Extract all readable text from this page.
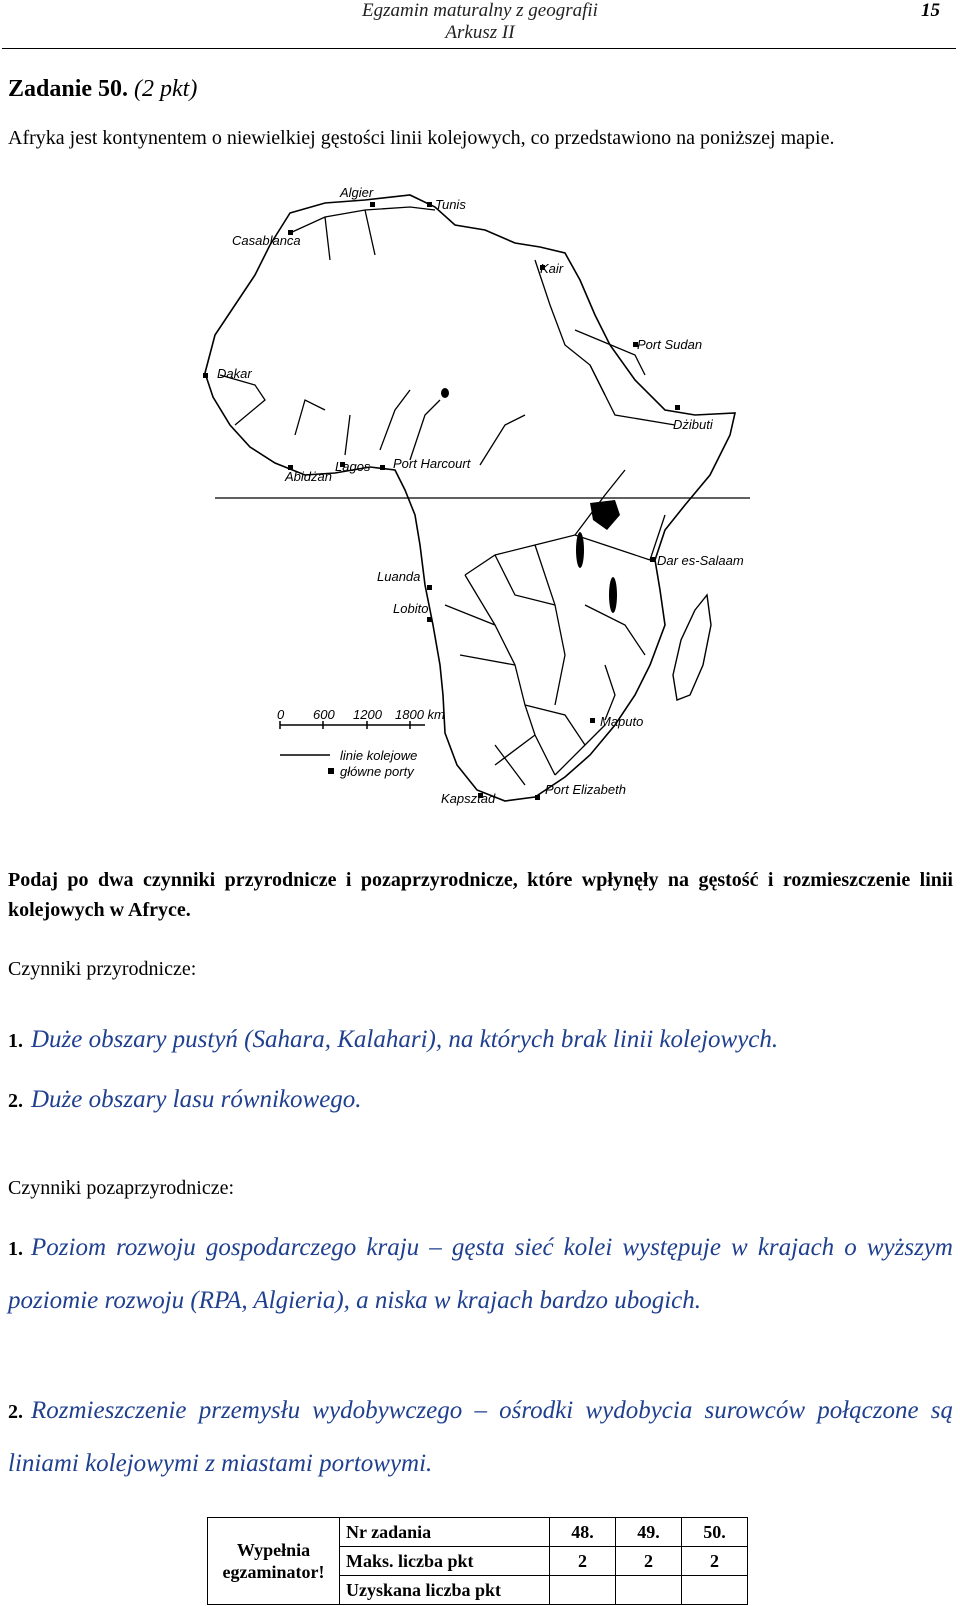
Egzamin maturalny z geografii
Arkusz II
15
Zadanie 50. (2 pkt)
Afryka jest kontynentem o niewielkiej gęstości linii kolejowych, co przedstawiono na poniższej mapie.
Algier
Tunis
Casablanca
Kair
Port Sudan
Dakar
Dżibuti
Lagos Port Harcourt
Abidżan
Dar es-Salaam
Luanda
Lobito
Maputo
Port Elizabeth
Kapsztad
0 600 1200 1800 km
linie kolejowe
główne porty
Podaj po dwa czynniki przyrodnicze i pozaprzyrodnicze, które wpłynęły na gęstość i rozmieszczenie linii kolejowych w Afryce.
Czynniki przyrodnicze:
1. Duże obszary pustyń (Sahara, Kalahari), na których brak linii kolejowych.
2. Duże obszary lasu równikowego.
Czynniki pozaprzyrodnicze:
1. Poziom rozwoju gospodarczego kraju – gęsta sieć kolei występuje w krajach o wyższym poziomie rozwoju (RPA, Algieria), a niska w krajach bardzo ubogich.
2. Rozmieszczenie przemysłu wydobywczego – ośrodki wydobycia surowców połączone są liniami kolejowymi z miastami portowymi.
Wypełnia egzaminator!	Nr zadania	48.	49.	50.
	Maks. liczba pkt	2	2	2
	Uzyskana liczba pkt			
